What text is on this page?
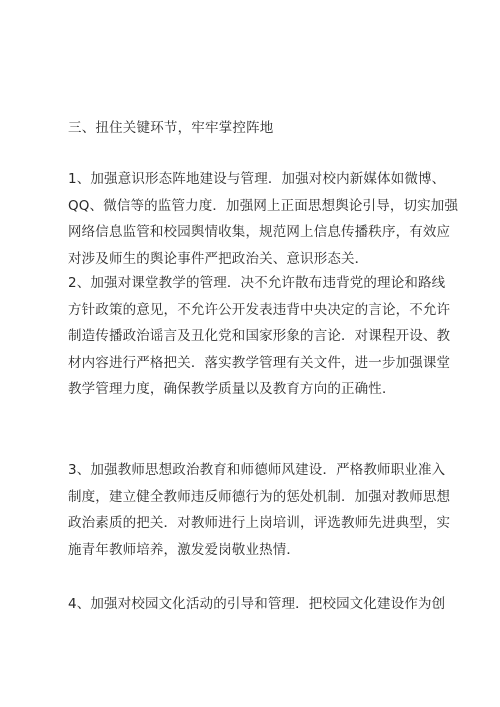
三、扭住关键环节，牢牢掌控阵地
1、加强意识形态阵地建设与管理．加强对校内新媒体如微博、
QQ、微信等的监管力度．加强网上正面思想舆论引导，切实加强
网络信息监管和校园舆情收集，规范网上信息传播秩序，有效应
对涉及师生的舆论事件严把政治关、意识形态关．
2、加强对课堂教学的管理．决不允许散布违背党的理论和路线
方针政策的意见，不允许公开发表违背中央决定的言论，不允许
制造传播政治谣言及丑化党和国家形象的言论．对课程开设、教
材内容进行严格把关．落实教学管理有关文件，进一步加强课堂
教学管理力度，确保教学质量以及教育方向的正确性．
3、加强教师思想政治教育和师德师风建设．严格教师职业准入
制度，建立健全教师违反师德行为的惩处机制．加强对教师思想
政治素质的把关．对教师进行上岗培训，评选教师先进典型，实
施青年教师培养，激发爱岗敬业热情．
4、加强对校园文化活动的引导和管理．把校园文化建设作为创
